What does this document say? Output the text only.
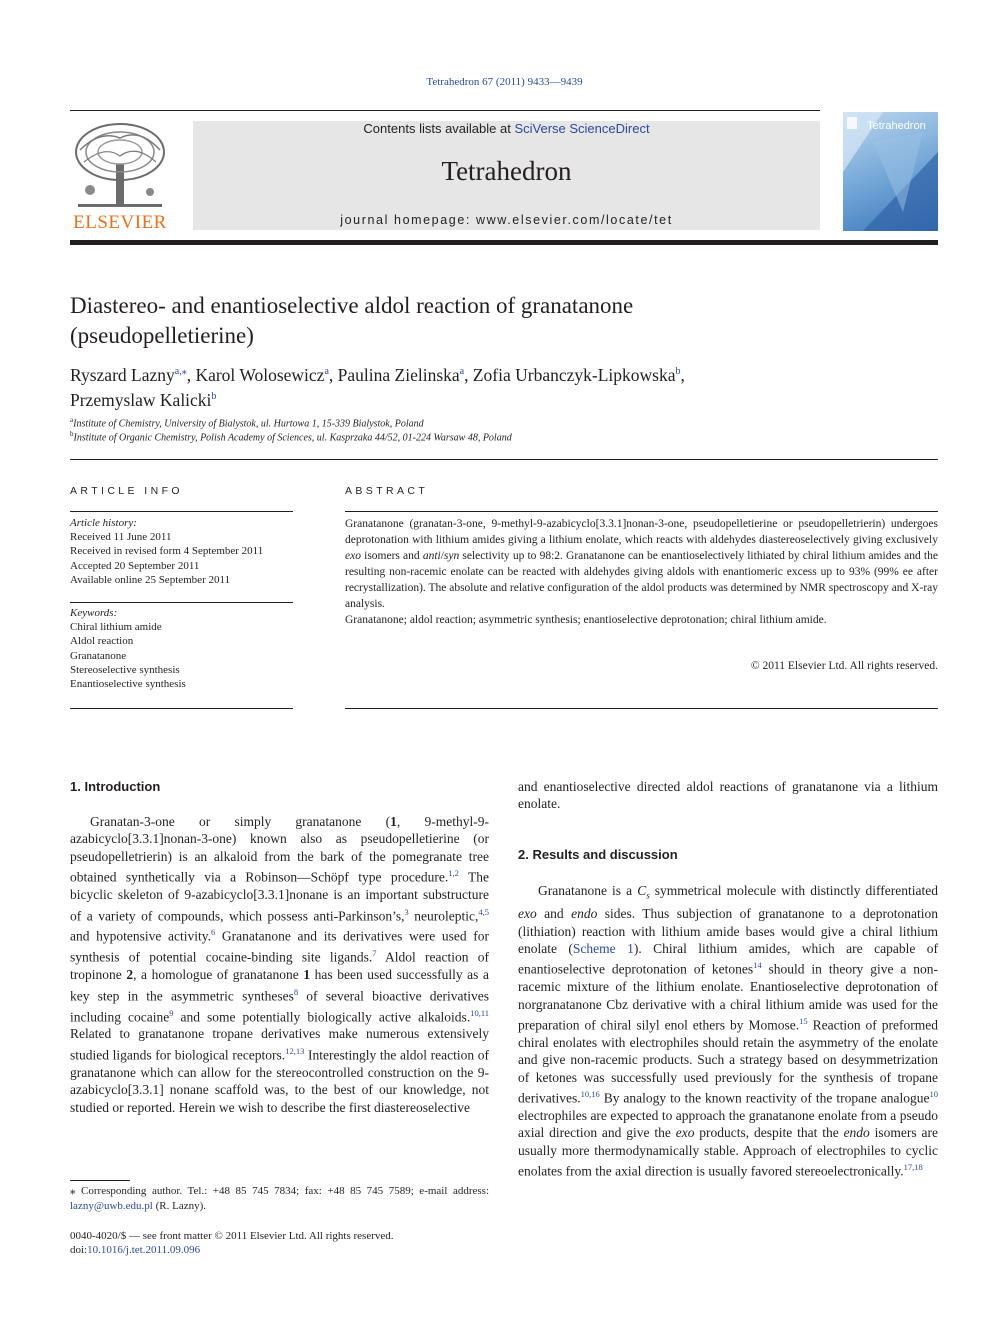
Tetrahedron 67 (2011) 9433—9439
ELSEVIER
Contents lists available at SciVerse ScienceDirect
Tetrahedron
journal homepage: www.elsevier.com/locate/tet
Tetrahedron
Diastereo- and enantioselective aldol reaction of granatanone
(pseudopelletierine)
Ryszard Lazny$^{a,⁎}$, Karol Wolosewicz$^a$, Paulina Zielinska$^a$, Zofia Urbanczyk-Lipkowska$^b$,
Przemyslaw Kalicki$^b$
$^a$Institute of Chemistry, University of Bialystok, ul. Hurtowa 1, 15-339 Bialystok, Poland
$^b$Institute of Organic Chemistry, Polish Academy of Sciences, ul. Kasprzaka 44/52, 01-224 Warsaw 48, Poland
ARTICLE INFO
Article history:
Received 11 June 2011
Received in revised form 4 September 2011
Accepted 20 September 2011
Available online 25 September 2011
Keywords:
Chiral lithium amide
Aldol reaction
Granatanone
Stereoselective synthesis
Enantioselective synthesis
ABSTRACT
Granatanone (granatan-3-one, 9-methyl-9-azabicyclo[3.3.1]nonan-3-one, pseudopelletierine or pseudopelletrierin) undergoes deprotonation with lithium amides giving a lithium enolate, which reacts with aldehydes diastereoselectively giving exclusively exo isomers and anti/syn selectivity up to 98:2. Granatanone can be enantioselectively lithiated by chiral lithium amides and the resulting non-racemic enolate can be reacted with aldehydes giving aldols with enantiomeric excess up to 93% (99% ee after recrystallization). The absolute and relative configuration of the aldol products was determined by NMR spectroscopy and X-ray analysis.
Granatanone; aldol reaction; asymmetric synthesis; enantioselective deprotonation; chiral lithium amide.
© 2011 Elsevier Ltd. All rights reserved.
1. Introduction

Granatan-3-one or simply granatanone (1, 9-methyl-9-azabicyclo[3.3.1]nonan-3-one) known also as pseudopelletierine (or pseudopelletrierin) is an alkaloid from the bark of the pomegranate tree obtained synthetically via a Robinson—Schöpf type procedure.$^{1,2}$ The bicyclic skeleton of 9-azabicyclo[3.3.1]nonane is an important substructure of a variety of compounds, which possess anti-Parkinson’s,$^3$ neuroleptic,$^{4,5}$ and hypotensive activity.$^6$ Granatanone and its derivatives were used for synthesis of potential cocaine-binding site ligands.$^7$ Aldol reaction of tropinone 2, a homologue of granatanone 1 has been used successfully as a key step in the asymmetric syntheses$^8$ of several bioactive derivatives including cocaine$^9$ and some potentially biologically active alkaloids.$^{10,11}$ Related to granatanone tropane derivatives make numerous extensively studied ligands for biological receptors.$^{12,13}$ Interestingly the aldol reaction of granatanone which can allow for the stereocontrolled construction on the 9-azabicyclo[3.3.1] nonane scaffold was, to the best of our knowledge, not studied or reported. Herein we wish to describe the first diastereoselective

⁎ Corresponding author. Tel.: +48 85 745 7834; fax: +48 85 745 7589; e-mail address: lazny@uwb.edu.pl (R. Lazny).
0040-4020/$ — see front matter © 2011 Elsevier Ltd. All rights reserved.
doi:10.1016/j.tet.2011.09.096

and enantioselective directed aldol reactions of granatanone via a lithium enolate.

2. Results and discussion

Granatanone is a $C_s$ symmetrical molecule with distinctly differentiated exo and endo sides. Thus subjection of granatanone to a deprotonation (lithiation) reaction with lithium amide bases would give a chiral lithium enolate (Scheme 1). Chiral lithium amides, which are capable of enantioselective deprotonation of ketones$^{14}$ should in theory give a non-racemic mixture of the lithium enolate. Enantioselective deprotonation of norgranatanone Cbz derivative with a chiral lithium amide was used for the preparation of chiral silyl enol ethers by Momose.$^{15}$ Reaction of preformed chiral enolates with electrophiles should retain the asymmetry of the enolate and give non-racemic products. Such a strategy based on desymmetrization of ketones was successfully used previously for the synthesis of tropane derivatives.$^{10,16}$ By analogy to the known reactivity of the tropane analogue$^{10}$ electrophiles are expected to approach the granatanone enolate from a pseudo axial direction and give the exo products, despite that the endo isomers are usually more thermodynamically stable. Approach of electrophiles to cyclic enolates from the axial direction is usually favored stereoelectronically.$^{17,18}$
